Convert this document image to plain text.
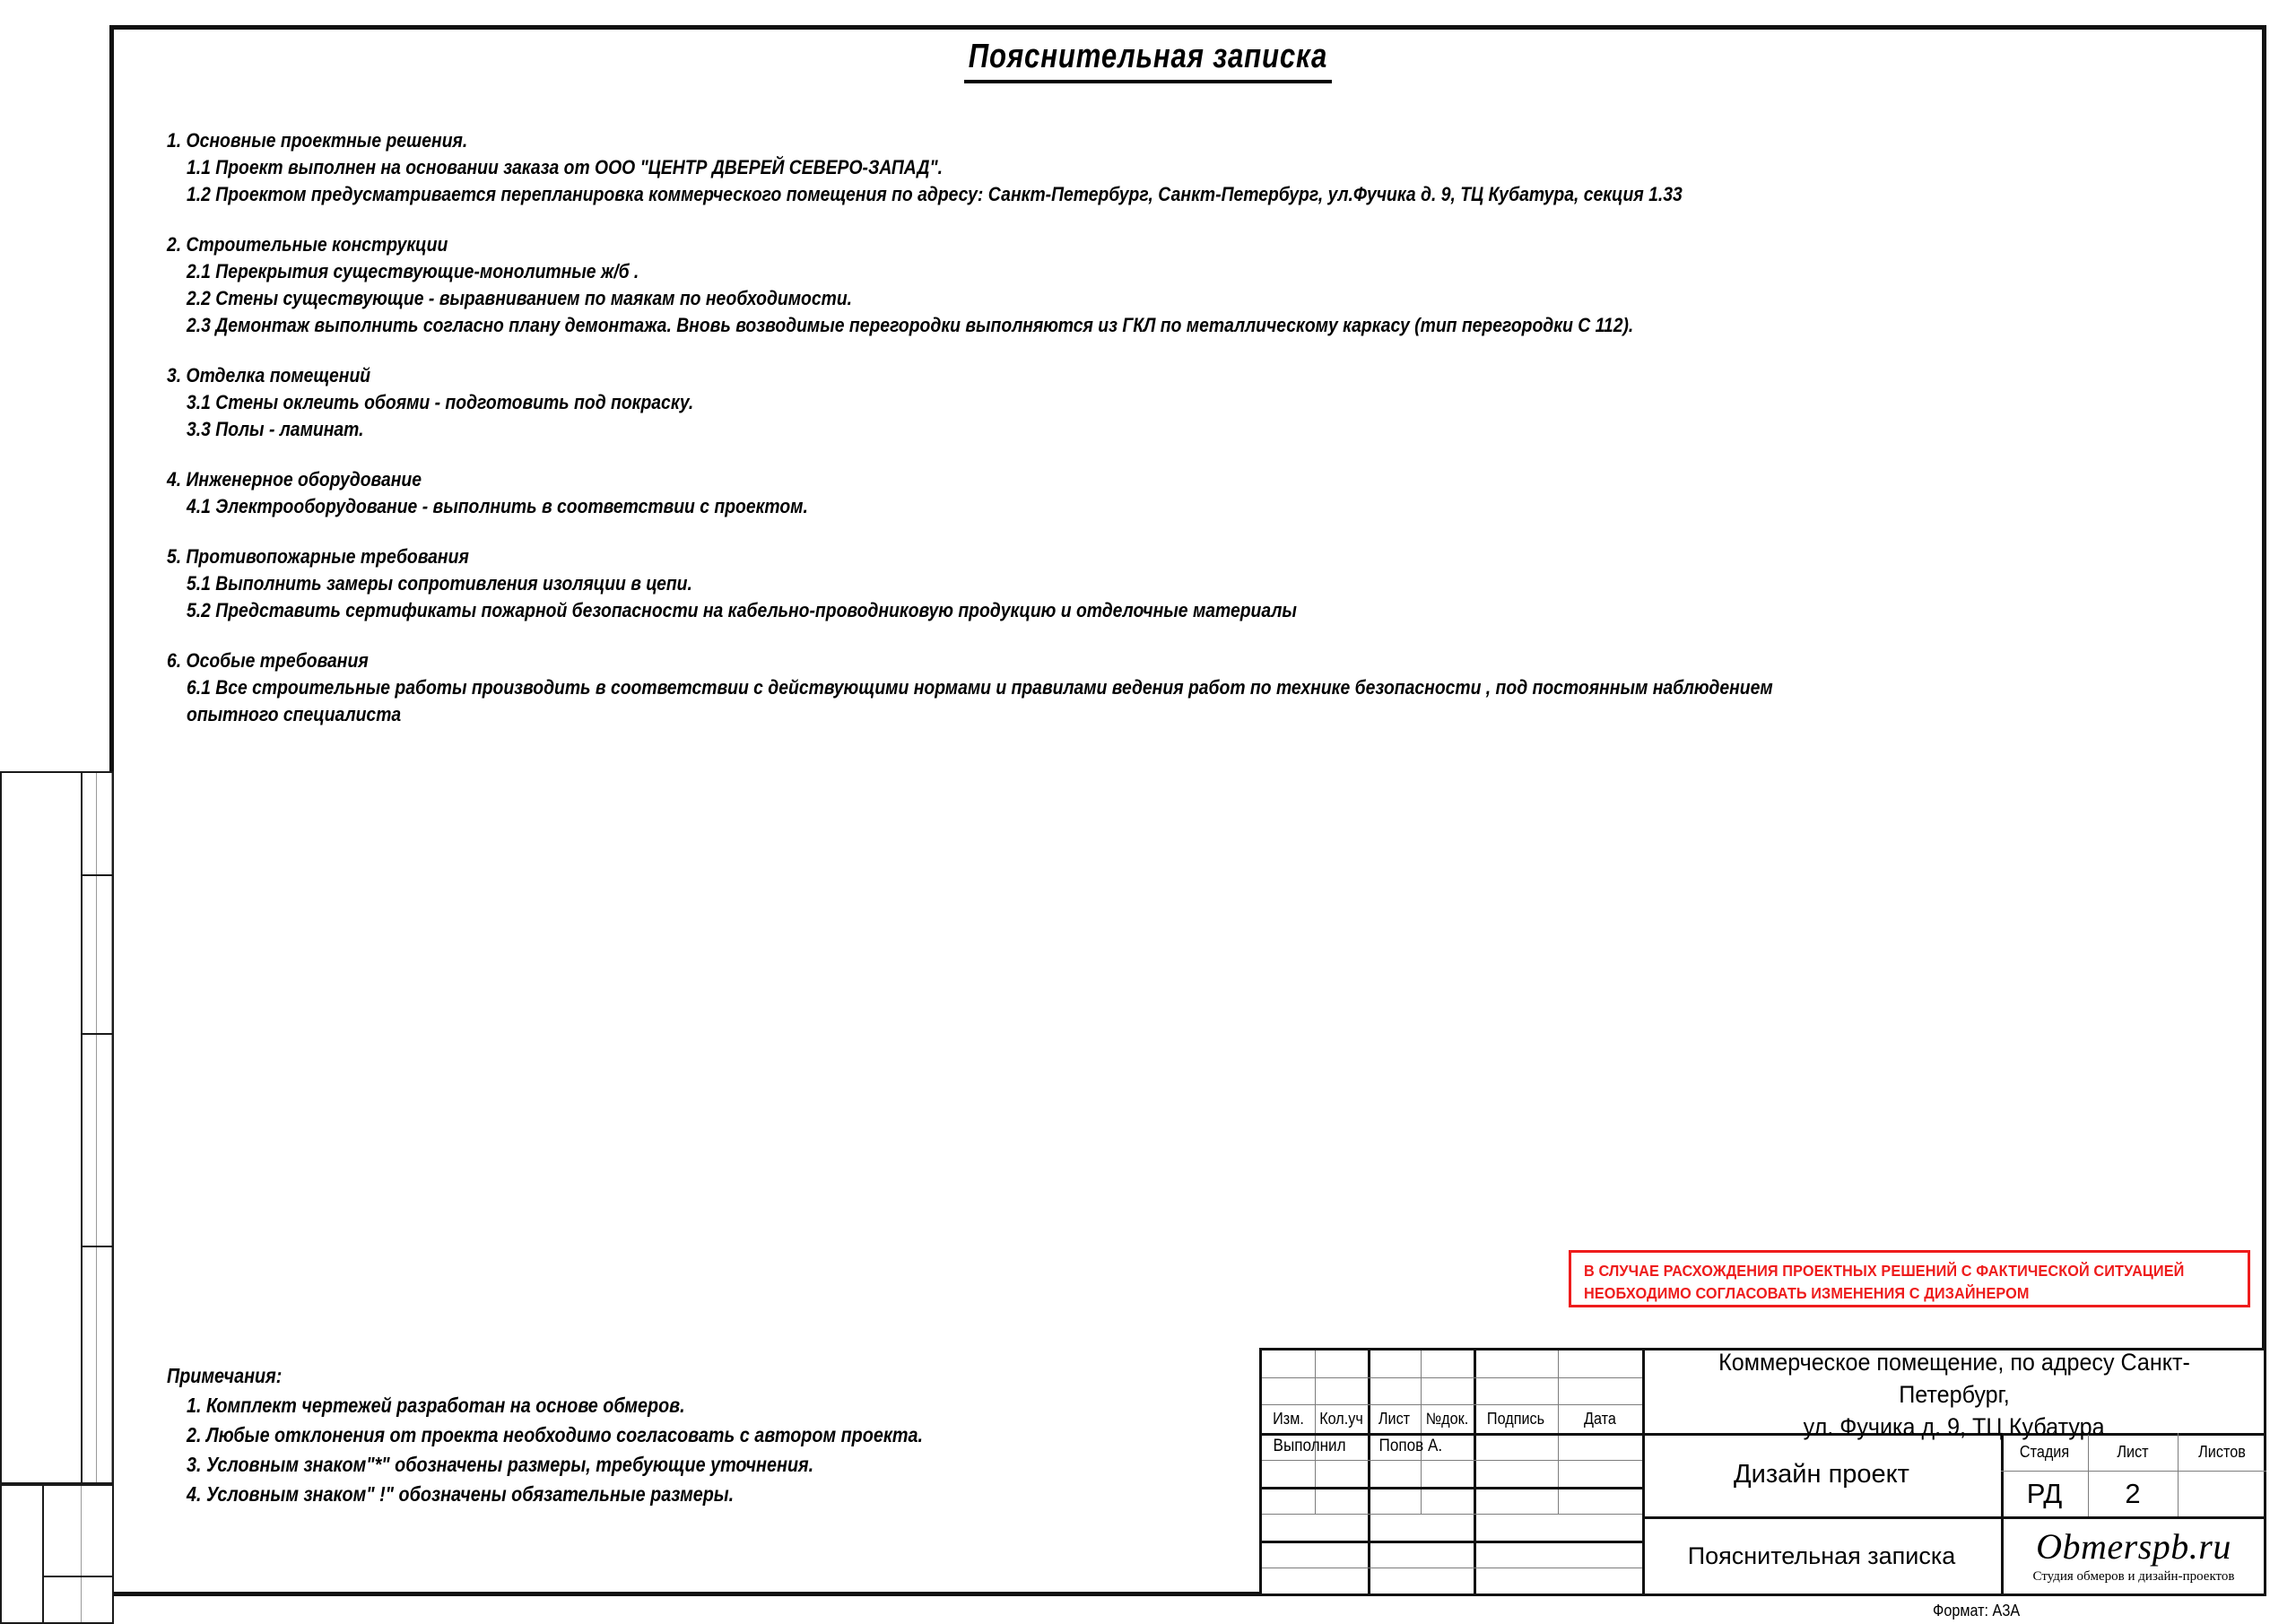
Пояснительная записка
1. Основные проектные решения.
1.1 Проект выполнен на основании заказа от ООО "ЦЕНТР ДВЕРЕЙ СЕВЕРО-ЗАПАД".
1.2 Проектом предусматривается перепланировка коммерческого помещения по адресу: Санкт-Петербург, Санкт-Петербург, ул.Фучика д. 9, ТЦ Кубатура, секция 1.33
2. Строительные конструкции
2.1 Перекрытия существующие-монолитные ж/б .
2.2 Стены существующие - выравниванием по маякам по необходимости.
2.3 Демонтаж выполнить согласно плану демонтажа. Вновь возводимые перегородки выполняются из ГКЛ по металлическому каркасу (тип перегородки С 112).
3. Отделка помещений
3.1 Стены оклеить обоями - подготовить под покраску.
3.3 Полы - ламинат.
4. Инженерное оборудование
4.1 Электрооборудование - выполнить в соответствии с проектом.
5. Противопожарные требования
5.1 Выполнить замеры сопротивления изоляции в цепи.
5.2 Представить сертификаты пожарной безопасности на кабельно-проводниковую продукцию и отделочные материалы
6. Особые требования
6.1 Все строительные работы производить в соответствии с действующими нормами и правилами ведения работ по технике безопасности , под постоянным наблюдением
опытного специалиста
Примечания:
1. Комплект чертежей разработан на основе обмеров.
2. Любые отклонения от проекта необходимо согласовать с автором проекта.
3. Условным знаком"*" обозначены размеры, требующие уточнения.
4. Условным знаком" !" обозначены обязательные размеры.
В СЛУЧАЕ РАСХОЖДЕНИЯ ПРОЕКТНЫХ РЕШЕНИЙ С ФАКТИЧЕСКОЙ СИТУАЦИЕЙ
НЕОБХОДИМО СОГЛАСОВАТЬ ИЗМЕНЕНИЯ С ДИЗАЙНЕРОМ
Изм. Кол.уч Лист №док.	Подпись	Дата
Выполнил	Попов А.
Коммерческое помещение, по адресу Санкт-Петербург,
ул. Фучика д. 9, ТЦ Кубатура
Дизайн проект
Пояснительная записка
Стадия	Лист	Листов
РД	2
Obmerspb.ru
Студия обмеров и дизайн-проектов
Формат: А3А
